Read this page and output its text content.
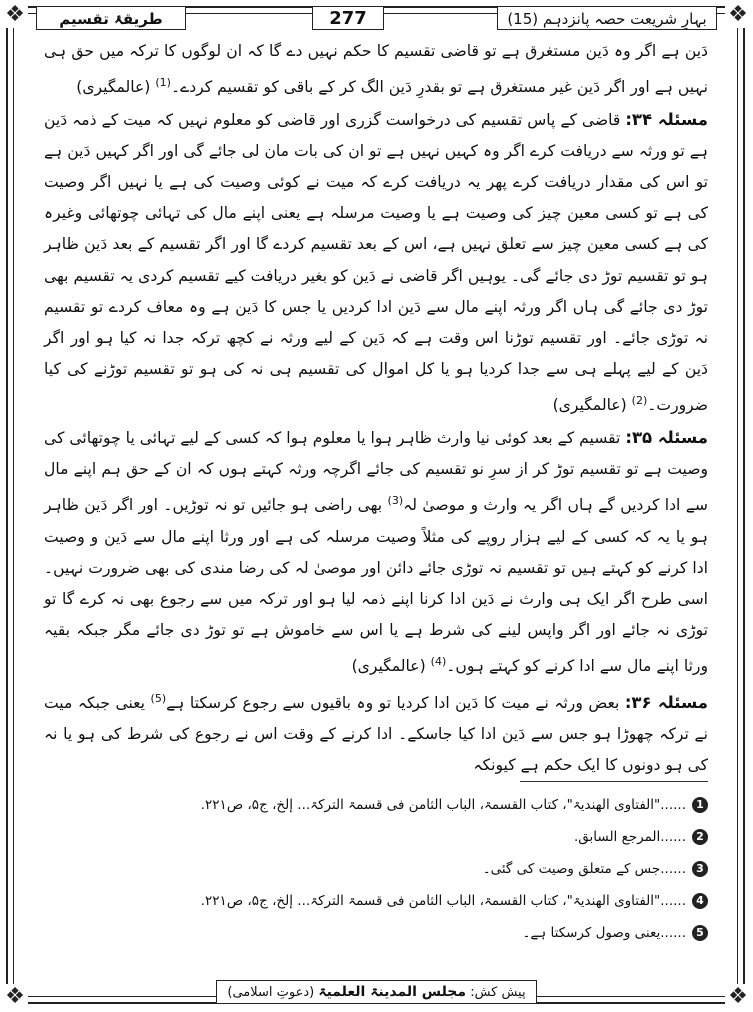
❖	❖
❖	❖
بہارِ شریعت حصہ پانزدہم (15)
277
طریقۂ تقسیم

دَین ہے اگر وہ دَین مستغرق ہے تو قاضی تقسیم کا حکم نہیں دے گا کہ ان لوگوں کا ترکہ میں حق ہی نہیں ہے اور اگر دَین غیر مستغرق ہے تو بقدرِ دَین الگ کر کے باقی کو تقسیم کردے۔$^{(1)}$ (عالمگیری)

مسئلہ ۳۴: قاضی کے پاس تقسیم کی درخواست گزری اور قاضی کو معلوم نہیں کہ میت کے ذمہ دَین ہے تو ورثہ سے دریافت کرے اگر وہ کہیں نہیں ہے تو ان کی بات مان لی جائے گی اور اگر کہیں دَین ہے تو اس کی مقدار دریافت کرے پھر یہ دریافت کرے کہ میت نے کوئی وصیت کی ہے یا نہیں اگر وصیت کی ہے تو کسی معین چیز کی وصیت ہے یا وصیت مرسلہ ہے یعنی اپنے مال کی تہائی چوتھائی وغیرہ کی ہے کسی معین چیز سے تعلق نہیں ہے، اس کے بعد تقسیم کردے گا اور اگر تقسیم کے بعد دَین ظاہر ہو تو تقسیم توڑ دی جائے گی۔ یوہیں اگر قاضی نے دَین کو بغیر دریافت کیے تقسیم کردی یہ تقسیم بھی توڑ دی جائے گی ہاں اگر ورثہ اپنے مال سے دَین ادا کردیں یا جس کا دَین ہے وہ معاف کردے تو تقسیم نہ توڑی جائے۔ اور تقسیم توڑنا اس وقت ہے کہ دَین کے لیے ورثہ نے کچھ ترکہ جدا نہ کیا ہو اور اگر دَین کے لیے پہلے ہی سے جدا کردیا ہو یا کل اموال کی تقسیم ہی نہ کی ہو تو تقسیم توڑنے کی کیا ضرورت۔$^{(2)}$ (عالمگیری)

مسئلہ ۳۵: تقسیم کے بعد کوئی نیا وارث ظاہر ہوا یا معلوم ہوا کہ کسی کے لیے تہائی یا چوتھائی کی وصیت ہے تو تقسیم توڑ کر از سرِ نو تقسیم کی جائے اگرچہ ورثہ کہتے ہوں کہ ان کے حق ہم اپنے مال سے ادا کردیں گے ہاں اگر یہ وارث و موصیٰ لہ$^{(3)}$ بھی راضی ہو جائیں تو نہ توڑیں۔ اور اگر دَین ظاہر ہو یا یہ کہ کسی کے لیے ہزار روپے کی مثلاً وصیت مرسلہ کی ہے اور ورثا اپنے مال سے دَین و وصیت ادا کرنے کو کہتے ہیں تو تقسیم نہ توڑی جائے دائن اور موصیٰ لہ کی رضا مندی کی بھی ضرورت نہیں۔ اسی طرح اگر ایک ہی وارث نے دَین ادا کرنا اپنے ذمہ لیا ہو اور ترکہ میں سے رجوع بھی نہ کرے گا تو توڑی نہ جائے اور اگر واپس لینے کی شرط ہے یا اس سے خاموش ہے تو توڑ دی جائے مگر جبکہ بقیہ ورثا اپنے مال سے ادا کرنے کو کہتے ہوں۔$^{(4)}$ (عالمگیری)

مسئلہ ۳۶: بعض ورثہ نے میت کا دَین ادا کردیا تو وہ باقیوں سے رجوع کرسکتا ہے$^{(5)}$ یعنی جبکہ میت نے ترکہ چھوڑا ہو جس سے دَین ادا کیا جاسکے۔ ادا کرنے کے وقت اس نے رجوع کی شرط کی ہو یا نہ کی ہو دونوں کا ایک حکم ہے کیونکہ

1......"الفتاوی الھندیۃ"، کتاب القسمۃ، الباب الثامن فی قسمۃ الترکۃ... إلخ، ج۵، ص۲۲۱.
2......المرجع السابق.
3......جس کے متعلق وصیت کی گئی۔
4......"الفتاوی الھندیۃ"، کتاب القسمۃ، الباب الثامن فی قسمۃ الترکۃ... إلخ، ج۵، ص۲۲۱.
5......یعنی وصول کرسکتا ہے۔
پیش کش: مجلس المدینۃ العلمیۃ (دعوتِ اسلامی)
